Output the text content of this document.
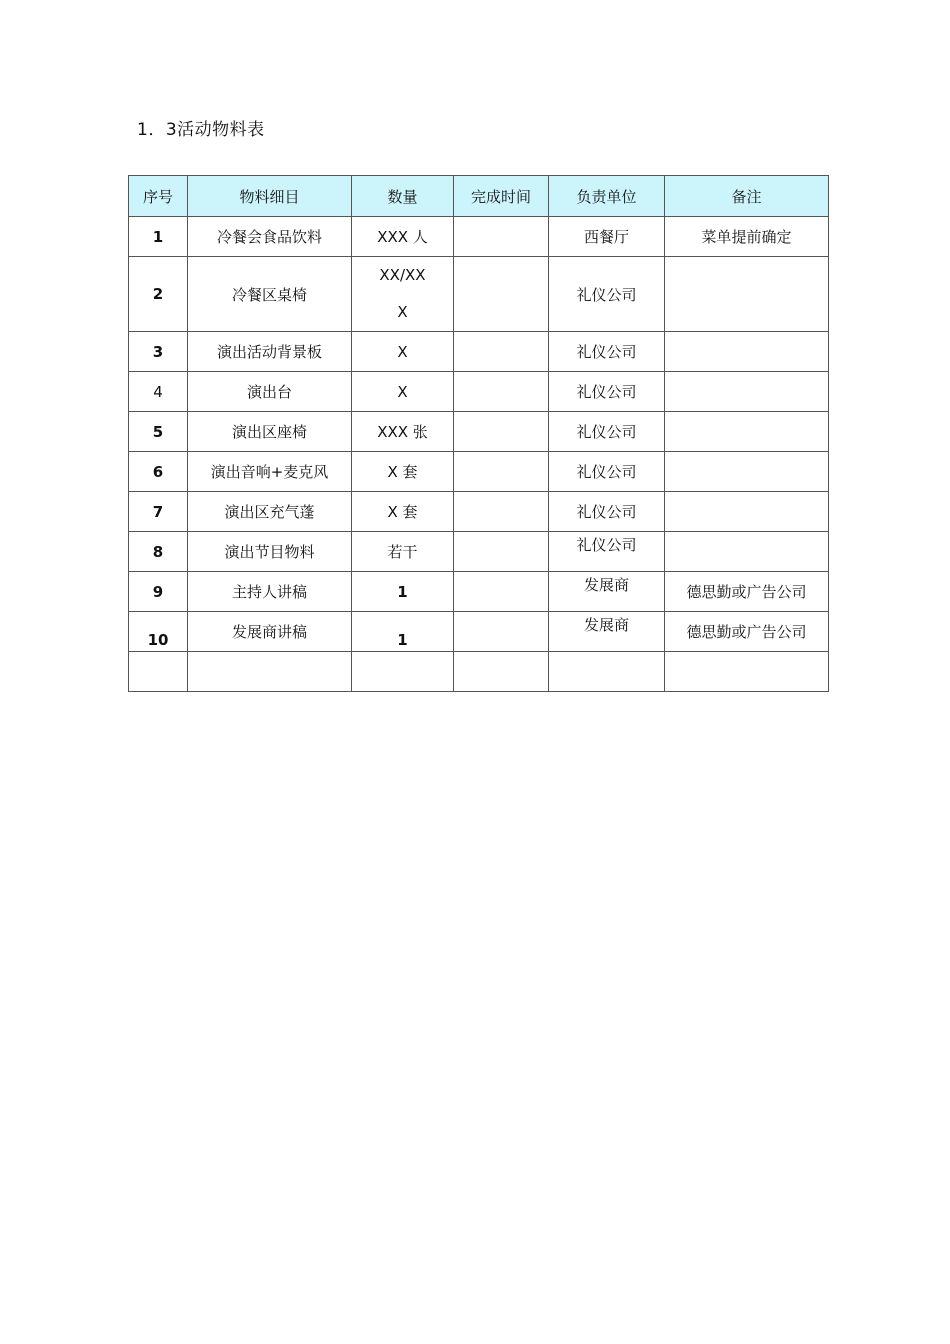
1．3活动物料表
序号	物料细目	数量	完成时间	负责单位	备注
1	冷餐会食品饮料	XXX 人		西餐厅	菜单提前确定
2	冷餐区桌椅	XX/XXX		礼仪公司	
3	演出活动背景板	X		礼仪公司	
4	演出台	X		礼仪公司	
5	演出区座椅	XXX 张		礼仪公司	
6	演出音响+麦克风	X 套		礼仪公司	
7	演出区充气蓬	X 套		礼仪公司	
8	演出节目物料	若干		礼仪公司	
9	主持人讲稿	1		发展商	德思勤或广告公司
10	发展商讲稿	1		发展商	德思勤或广告公司
